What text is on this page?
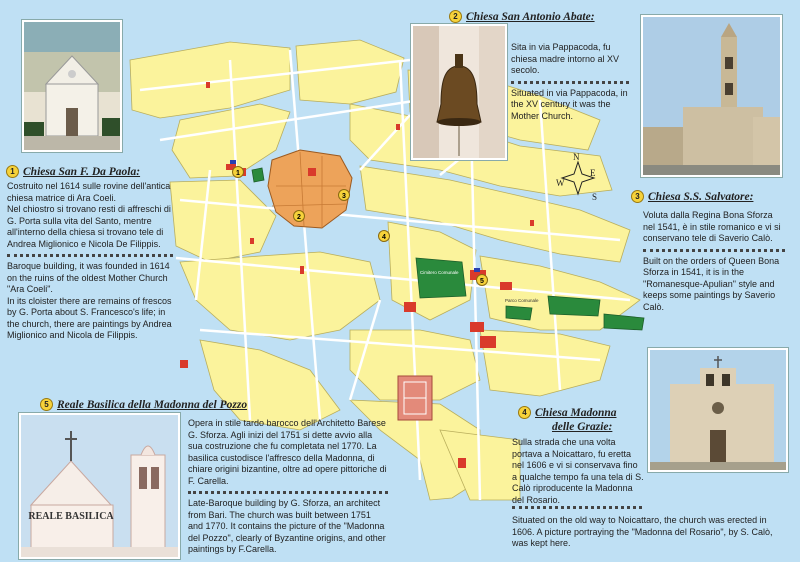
Cimitero Comunale
Parco Comunale
1
2
3
4
5
N
E
W
S
REALE BASILICA
1 Chiesa San F. Da Paola:

Costruito nel 1614 sulle rovine dell'antica chiesa matrice di Ara Coeli.

Nel chiostro si trovano resti di affreschi di G. Porta sulla vita del Santo, mentre all'interno della chiesa si trovano tele di Andrea Miglionico e Nicola De Filippis.

Baroque building, it was founded in 1614 on the ruins of the oldest Mother Church "Ara Coeli".

In its cloister there are remains of frescos by G. Porta about S. Francesco's life; in the church, there are paintings by Andrea Miglionico and Nicola de Filippis.

2 Chiesa San Antonio Abate:

Sita in via Pappacoda, fu chiesa madre intorno al XV secolo.

Situated in via Pappacoda, in the XV century it was the Mother Church.

3 Chiesa S.S. Salvatore:

Voluta dalla Regina Bona Sforza nel 1541, è in stile romanico e vi si conservano tele di Saverio Calò.

Built on the orders of Queen Bona Sforza in 1541, it is in the "Romanesque-Apulian" style and keeps some paintings by Saverio Calò.

4 Chiesa Madonna
delle Grazie:

Sulla strada che una volta portava a Noicattaro, fu eretta nel 1606 e vi si conservava fino a qualche tempo fa una tela di S. Calò riproducente la Madonna del Rosario.

Situated on the old way to Noicattaro, the church was erected in 1606. A picture portraying the "Madonna del Rosario", by S. Calò, was kept here.

5 Reale Basilica della Madonna del Pozzo

Opera in stile tardo barocco dell'Architetto Barese G. Sforza. Agli inizi del 1751 si dette avvio alla sua costruzione che fu completata nel 1770. La basilica custodisce l'affresco della Madonna, di chiare origini bizantine, oltre ad opere pittoriche di F. Carella.

Late-Baroque building by G. Sforza, an architect from Bari. The church was built between 1751 and 1770. It contains the picture of the "Madonna del Pozzo", clearly of Byzantine origins, and other paintings by F.Carella.
